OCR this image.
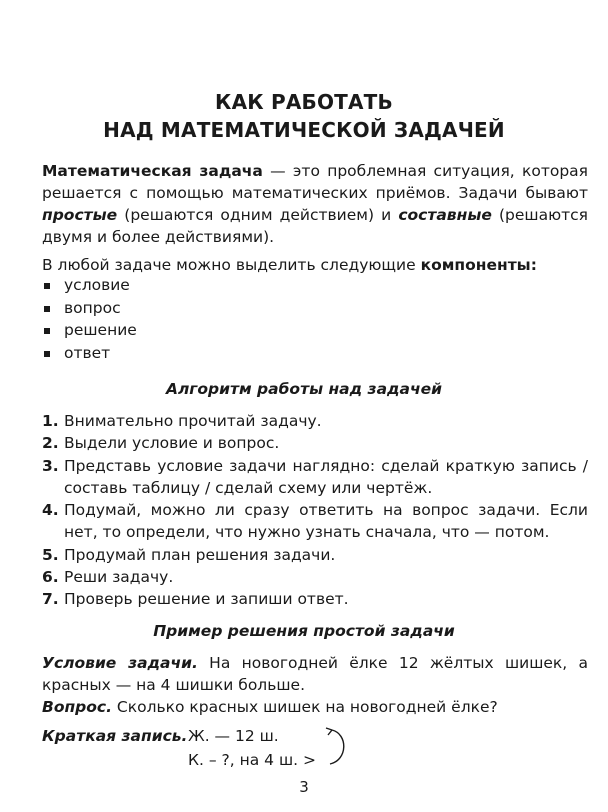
КАК РАБОТАТЬ
НАД МАТЕМАТИЧЕСКОЙ ЗАДАЧЕЙ

Математическая задача — это проблемная ситуация, которая решается с помощью математических приёмов. Задачи бывают простые (решаются одним действием) и составные (решаются двумя и более действиями).

В любой задаче можно выделить следующие компоненты:

условие
вопрос
решение
ответ
Алгоритм работы над задачей
1. Внимательно прочитай задачу.
2. Выдели условие и вопрос.
3. Представь условие задачи наглядно: сделай краткую запись / составь таблицу / сделай схему или чертёж.
4. Подумай, можно ли сразу ответить на вопрос задачи. Если нет, то определи, что нужно узнать сначала, что — потом.
5. Продумай план решения задачи.
6. Реши задачу.
7. Проверь решение и запиши ответ.
Пример решения простой задачи

Условие задачи. На новогодней ёлке 12 жёлтых шишек, а красных — на 4 шишки больше.

Вопрос. Сколько красных шишек на новогодней ёлке?

Краткая запись. Ж. — 12 ш.
К. – ?, на 4 ш. >
3
